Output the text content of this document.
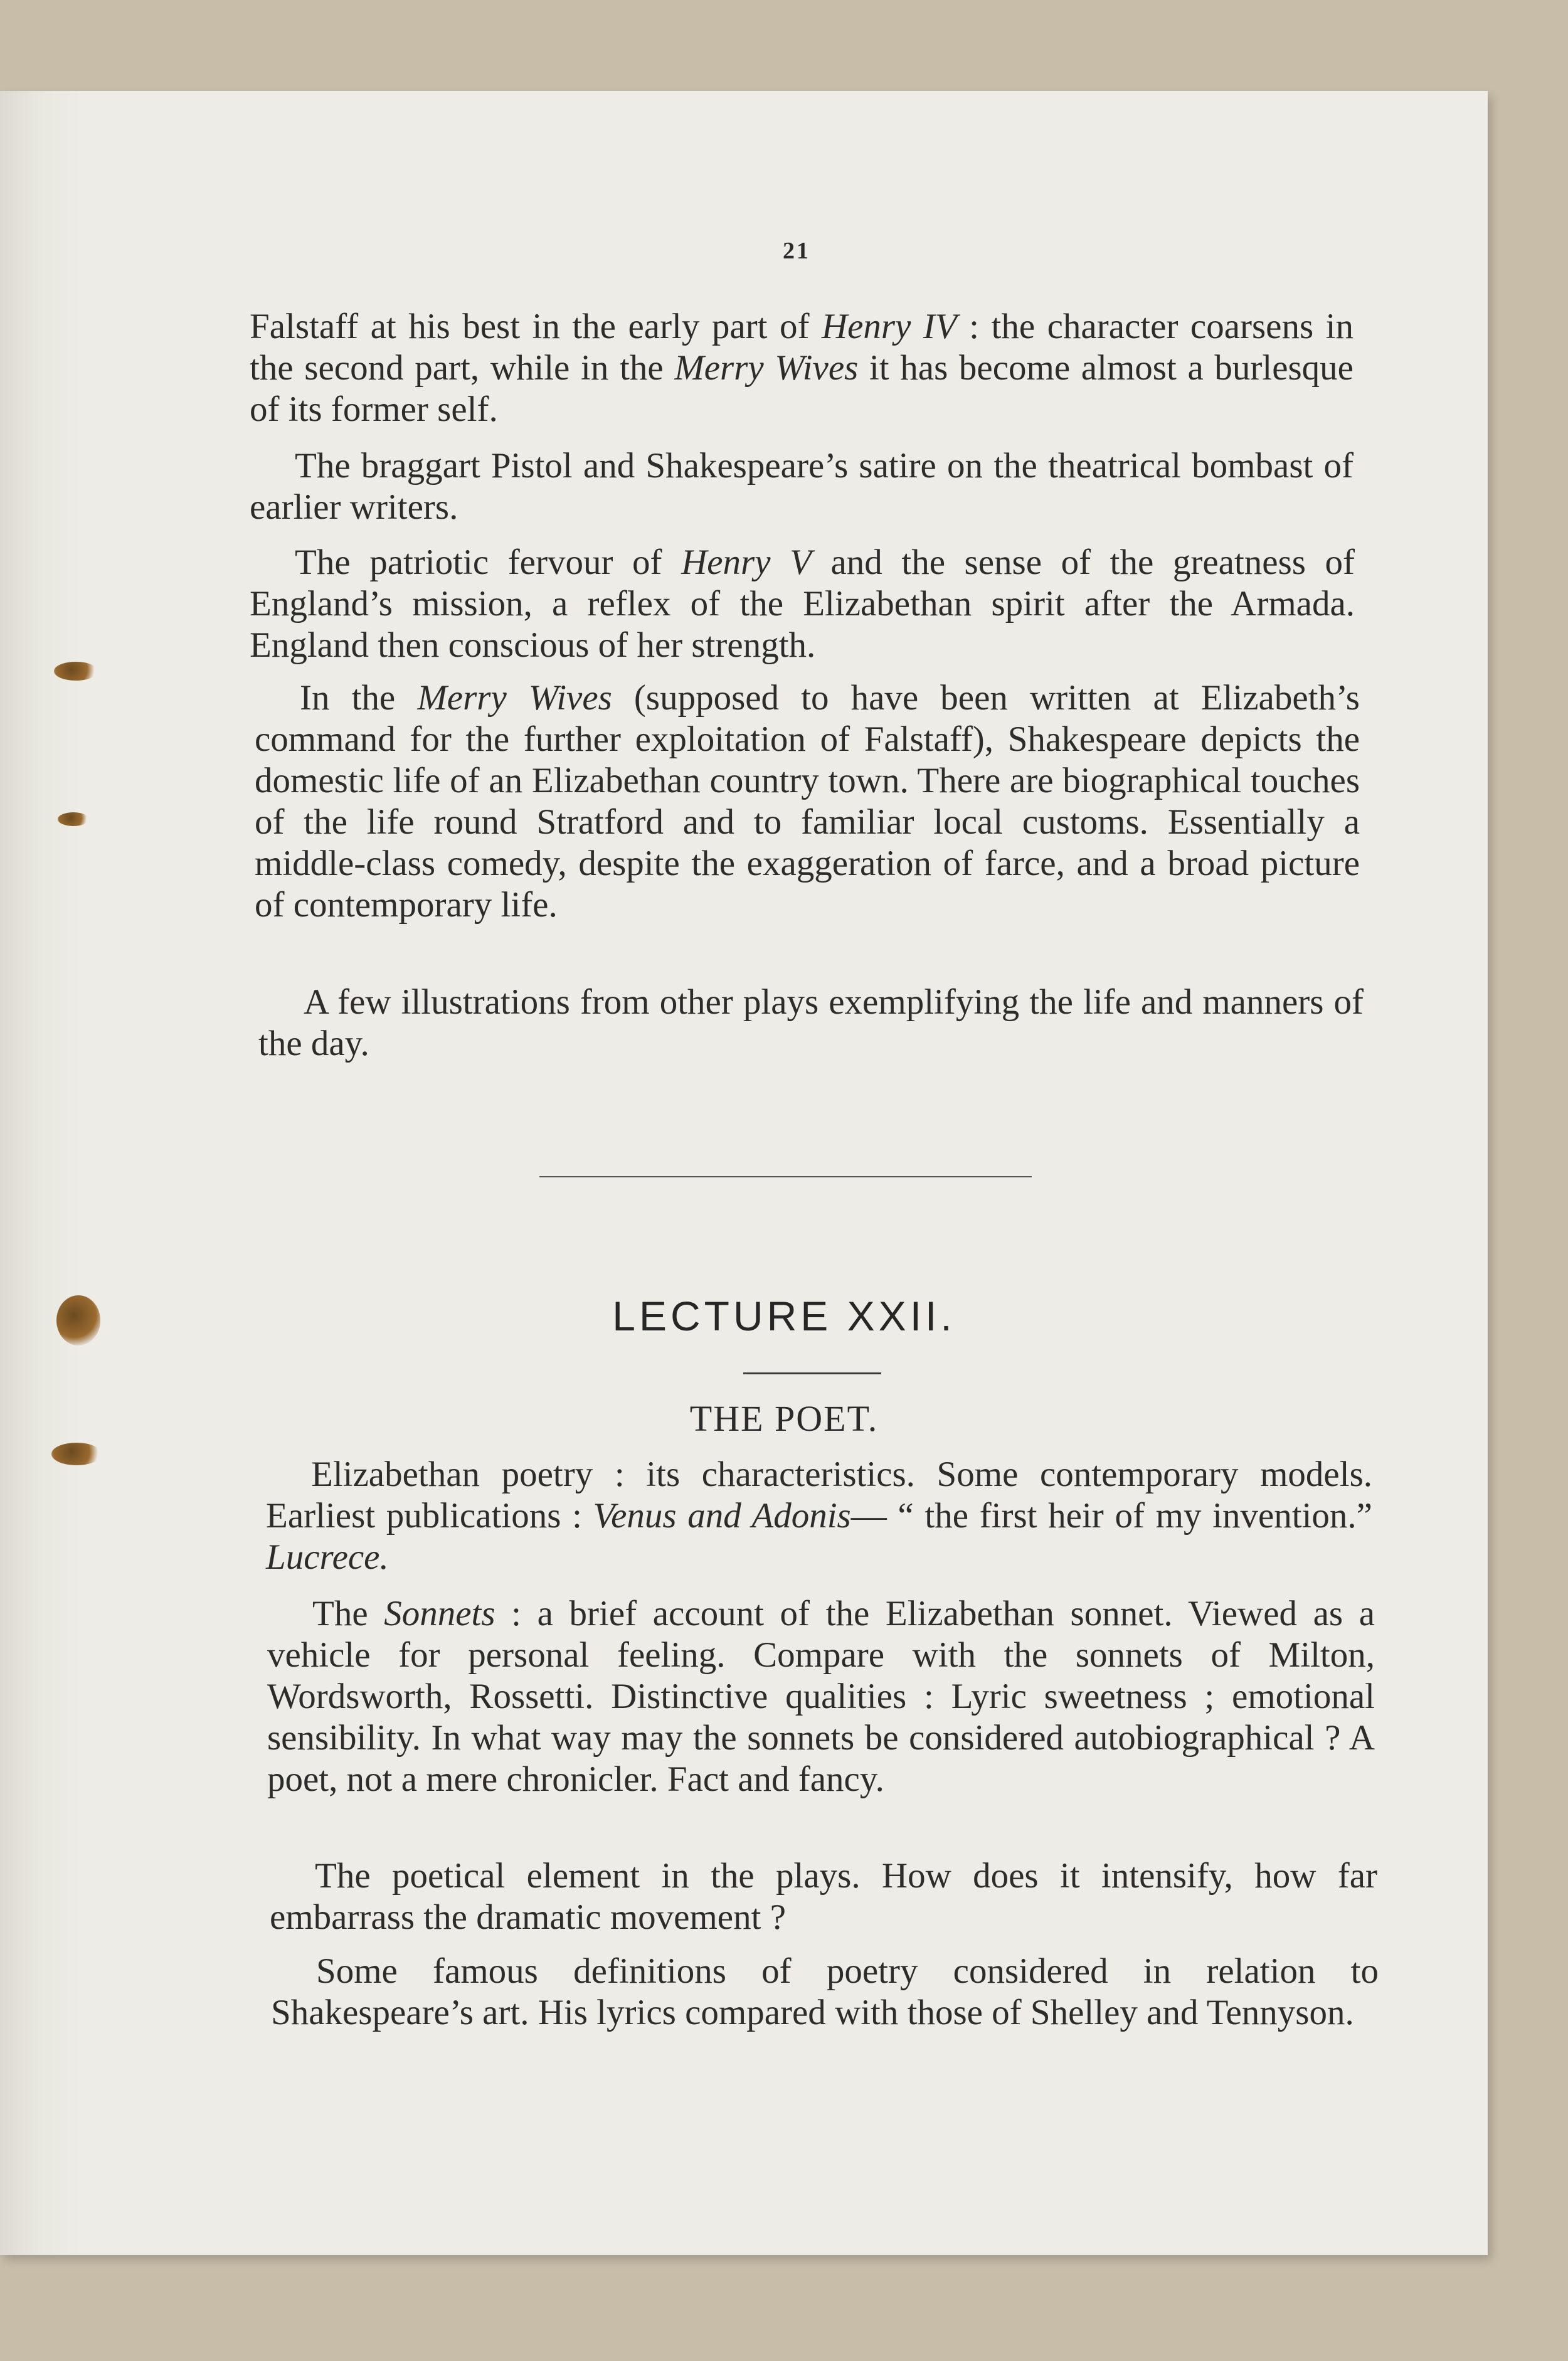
21

Falstaff at his best in the early part of Henry IV : the character coarsens in the second part, while in the Merry Wives it has become almost a burlesque of its former self.

The braggart Pistol and Shakespeare’s satire on the theatrical bombast of earlier writers.

The patriotic fervour of Henry V and the sense of the greatness of England’s mission, a reflex of the Elizabethan spirit after the Armada. England then conscious of her strength.

In the Merry Wives (supposed to have been written at Elizabeth’s command for the further exploitation of Falstaff), Shakespeare depicts the domestic life of an Elizabethan country town. There are biographical touches of the life round Stratford and to familiar local customs. Essentially a middle-class comedy, despite the exaggeration of farce, and a broad picture of contemporary life.

A few illustrations from other plays exemplifying the life and manners of the day.

LECTURE XXII.
THE POET.

Elizabethan poetry : its characteristics. Some contemporary models. Earliest publications : Venus and Adonis— “ the first heir of my invention.” Lucrece.

The Sonnets : a brief account of the Elizabethan sonnet. Viewed as a vehicle for personal feeling. Compare with the sonnets of Milton, Wordsworth, Rossetti. Distinctive qualities : Lyric sweetness ; emotional sensibility. In what way may the sonnets be considered autobiographical ? A poet, not a mere chronicler. Fact and fancy.

The poetical element in the plays. How does it intensify, how far embarrass the dramatic movement ?

Some famous definitions of poetry considered in relation to Shakespeare’s art. His lyrics compared with those of Shelley and Tennyson.
